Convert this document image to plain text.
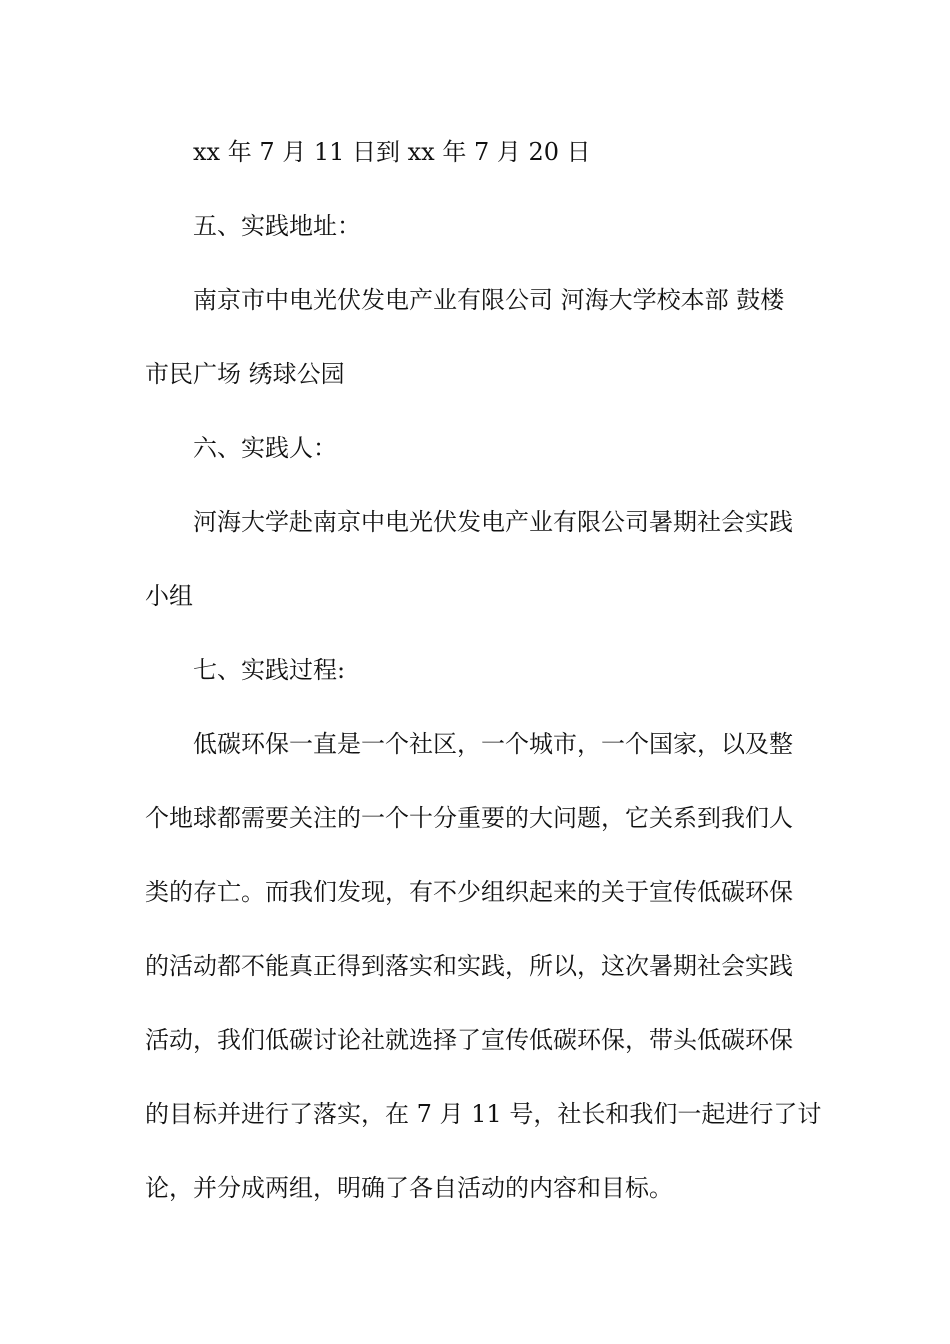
xx 年 7 月 11 日到 xx 年 7 月 20 日
五、实践地址：
南京市中电光伏发电产业有限公司 河海大学校本部 鼓楼
市民广场 绣球公园
六、实践人：
河海大学赴南京中电光伏发电产业有限公司暑期社会实践
小组
七、实践过程:
低碳环保一直是一个社区，一个城市，一个国家，以及整
个地球都需要关注的一个十分重要的大问题，它关系到我们人
类的存亡。而我们发现，有不少组织起来的关于宣传低碳环保
的活动都不能真正得到落实和实践，所以，这次暑期社会实践
活动，我们低碳讨论社就选择了宣传低碳环保，带头低碳环保
的目标并进行了落实，在 7 月 11 号，社长和我们一起进行了讨
论，并分成两组，明确了各自活动的内容和目标。
